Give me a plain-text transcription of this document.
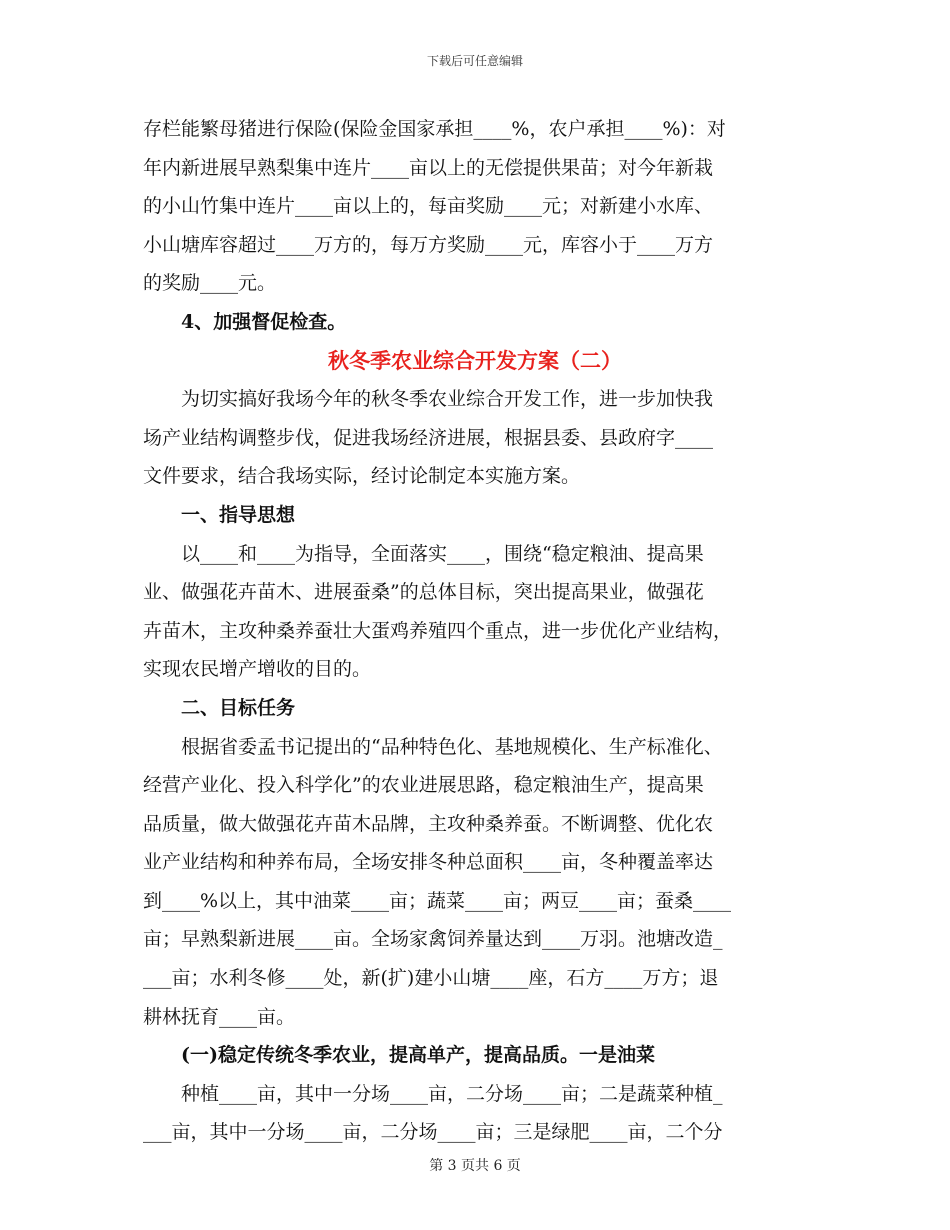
下载后可任意编辑
存栏能繁母猪进行保险(保险金国家承担____%，农户承担____%)：对
年内新进展早熟梨集中连片____亩以上的无偿提供果苗；对今年新栽
的小山竹集中连片____亩以上的，每亩奖励____元；对新建小水库、
小山塘库容超过____万方的，每万方奖励____元，库容小于____万方
的奖励____元。
4、加强督促检查。
秋冬季农业综合开发方案（二）
为切实搞好我场今年的秋冬季农业综合开发工作，进一步加快我
场产业结构调整步伐，促进我场经济进展，根据县委、县政府字____
文件要求，结合我场实际，经讨论制定本实施方案。
一、指导思想
以____和____为指导，全面落实____，围绕“稳定粮油、提高果
业、做强花卉苗木、进展蚕桑”的总体目标，突出提高果业，做强花
卉苗木，主攻种桑养蚕壮大蛋鸡养殖四个重点，进一步优化产业结构，
实现农民增产增收的目的。
二、目标任务
根据省委孟书记提出的“品种特色化、基地规模化、生产标准化、
经营产业化、投入科学化”的农业进展思路，稳定粮油生产，提高果
品质量，做大做强花卉苗木品牌，主攻种桑养蚕。不断调整、优化农
业产业结构和种养布局，全场安排冬种总面积____亩，冬种覆盖率达
到____%以上，其中油菜____亩；蔬菜____亩；两豆____亩；蚕桑____
亩；早熟梨新进展____亩。全场家禽饲养量达到____万羽。池塘改造_
___亩；水利冬修____处，新(扩)建小山塘____座，石方____万方；退
耕林抚育____亩。
(一)稳定传统冬季农业，提高单产，提高品质。一是油菜
种植____亩，其中一分场____亩，二分场____亩；二是蔬菜种植_
___亩，其中一分场____亩，二分场____亩；三是绿肥____亩，二个分
第 3 页共 6 页
